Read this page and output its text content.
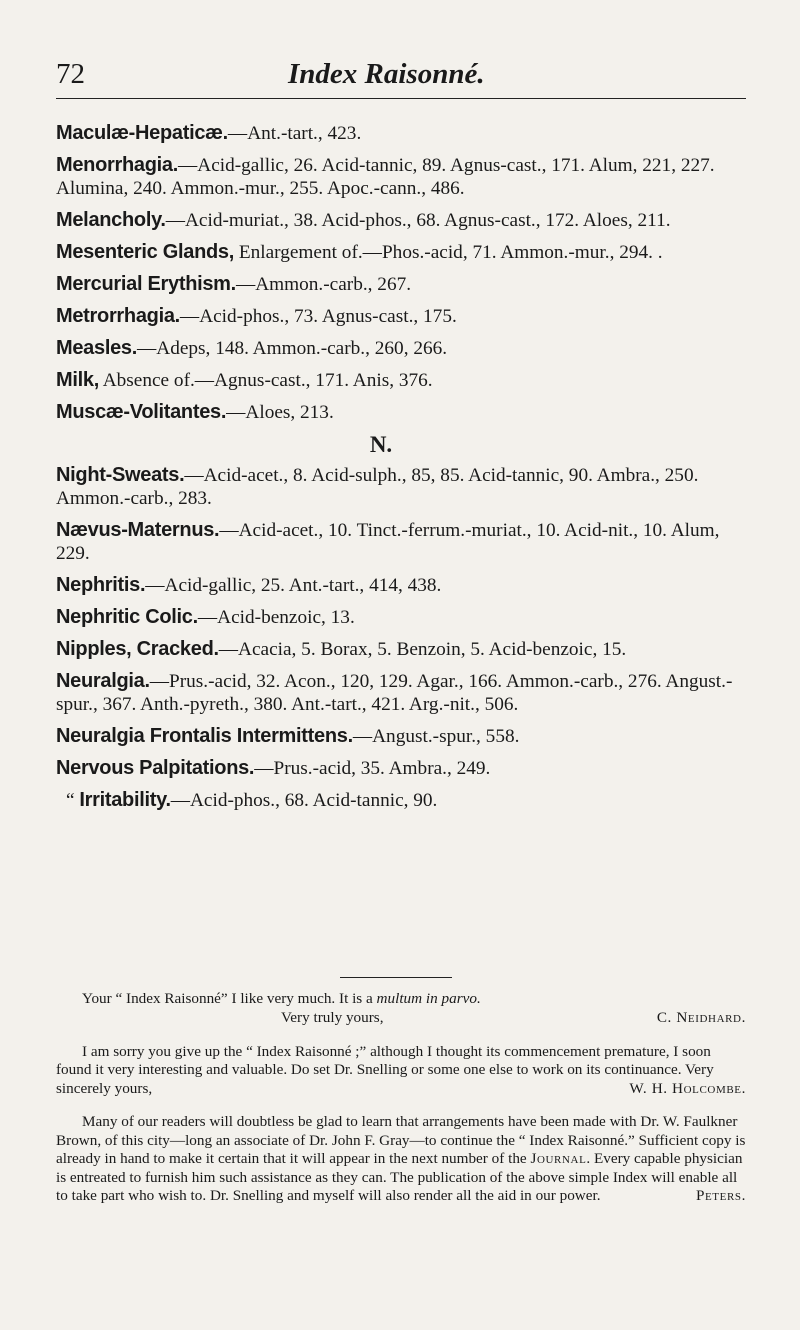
72	Index Raisonné.
Maculæ-Hepaticæ.—Ant.-tart., 423.
Menorrhagia.—Acid-gallic, 26. Acid-tannic, 89. Agnus-cast., 171. Alum, 221, 227. Alumina, 240. Ammon.-mur., 255. Apoc.-cann., 486.
Melancholy.—Acid-muriat., 38. Acid-phos., 68. Agnus-cast., 172. Aloes, 211.
Mesenteric Glands, Enlargement of.—Phos.-acid, 71. Ammon.-mur., 294. .
Mercurial Erythism.—Ammon.-carb., 267.
Metrorrhagia.—Acid-phos., 73. Agnus-cast., 175.
Measles.—Adeps, 148. Ammon.-carb., 260, 266.
Milk, Absence of.—Agnus-cast., 171. Anis, 376.
Muscæ-Volitantes.—Aloes, 213.
N.
Night-Sweats.—Acid-acet., 8. Acid-sulph., 85, 85. Acid-tannic, 90. Ambra., 250. Ammon.-carb., 283.
Nævus-Maternus.—Acid-acet., 10. Tinct.-ferrum.-muriat., 10. Acid-nit., 10. Alum, 229.
Nephritis.—Acid-gallic, 25. Ant.-tart., 414, 438.
Nephritic Colic.—Acid-benzoic, 13.
Nipples, Cracked.—Acacia, 5. Borax, 5. Benzoin, 5. Acid-benzoic, 15.
Neuralgia.—Prus.-acid, 32. Acon., 120, 129. Agar., 166. Ammon.-carb., 276. Angust.-spur., 367. Anth.-pyreth., 380. Ant.-tart., 421. Arg.-nit., 506.
Neuralgia Frontalis Intermittens.—Angust.-spur., 558.
Nervous Palpitations.—Prus.-acid, 35. Ambra., 249.
“ Irritability.—Acid-phos., 68. Acid-tannic, 90.
Your “ Index Raisonné” I like very much. It is a multum in parvo.
Very truly yours,	C. Neidhard.
I am sorry you give up the “ Index Raisonné ;” although I thought its commencement premature, I soon found it very interesting and valuable. Do set Dr. Snelling or some one else to work on its continuance. Very sincerely yours,	W. H. Holcombe.
Many of our readers will doubtless be glad to learn that arrangements have been made with Dr. W. Faulkner Brown, of this city—long an associate of Dr. John F. Gray—to continue the “ Index Raisonné.” Sufficient copy is already in hand to make it certain that it will appear in the next number of the Journal. Every capable physician is entreated to furnish him such assistance as they can. The publication of the above simple Index will enable all to take part who wish to. Dr. Snelling and myself will also render all the aid in our power.	Peters.
